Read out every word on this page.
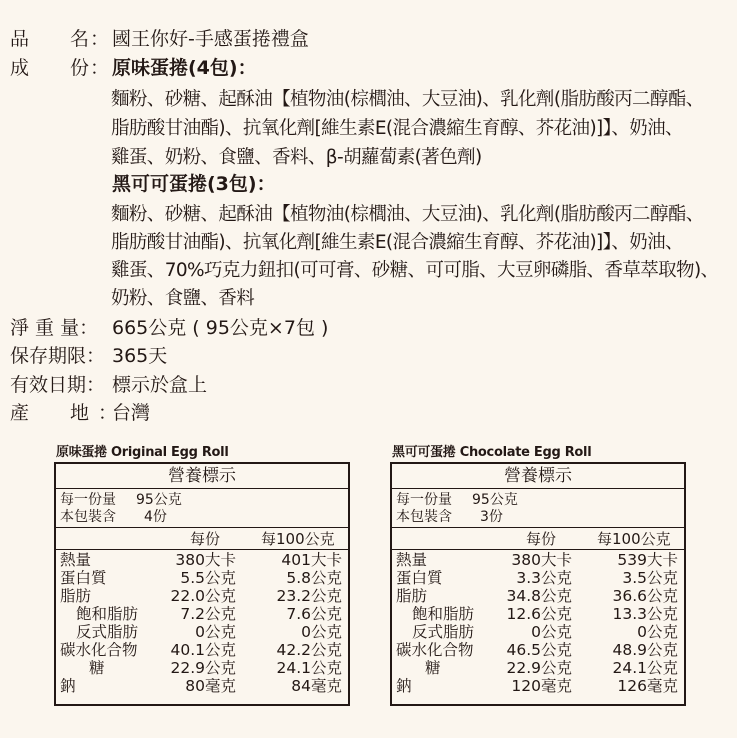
品 名 ： 國王你好-手感蛋捲禮盒
成 份 ： 原味蛋捲(4包)：
麵粉、砂糖、起酥油【植物油(棕櫚油、大豆油)、乳化劑(脂肪酸丙二醇酯、
脂肪酸甘油酯)、抗氧化劑[維生素E(混合濃縮生育醇、芥花油)]】、奶油、
雞蛋、奶粉、食鹽、香料、β-胡蘿蔔素(著色劑)
黑可可蛋捲(3包)：
麵粉、砂糖、起酥油【植物油(棕櫚油、大豆油)、乳化劑(脂肪酸丙二醇酯、
脂肪酸甘油酯)、抗氧化劑[維生素E(混合濃縮生育醇、芥花油)]】、奶油、
雞蛋、70%巧克力鈕扣(可可膏、砂糖、可可脂、大豆卵磷脂、香草萃取物)、
奶粉、食鹽、香料
淨 重 量： 665公克 ( 95公克×7包 )
保存期限： 365天
有效日期： 標示於盒上
產 地 ：
台灣
原味蛋捲 Original Egg Roll
營養標示
每一份量 95公克
本包裝含 4份
每份	每100公克
熱量	380大卡	401大卡
蛋白質	5.5公克	5.8公克
脂肪	22.0公克	23.2公克
飽和脂肪	7.2公克	7.6公克
反式脂肪	0公克	0公克
碳水化合物 40.1公克	42.2公克
糖	22.9公克	24.1公克
鈉	80毫克	84毫克
黑可可蛋捲 Chocolate Egg Roll
營養標示
每一份量 95公克
本包裝含 3份
每份	每100公克
熱量	380大卡	539大卡
蛋白質	3.3公克	3.5公克
脂肪	34.8公克	36.6公克
飽和脂肪 12.6公克	13.3公克
反式脂肪	0公克	0公克
碳水化合物 46.5公克	48.9公克
糖	22.9公克	24.1公克
鈉	120毫克	126毫克
